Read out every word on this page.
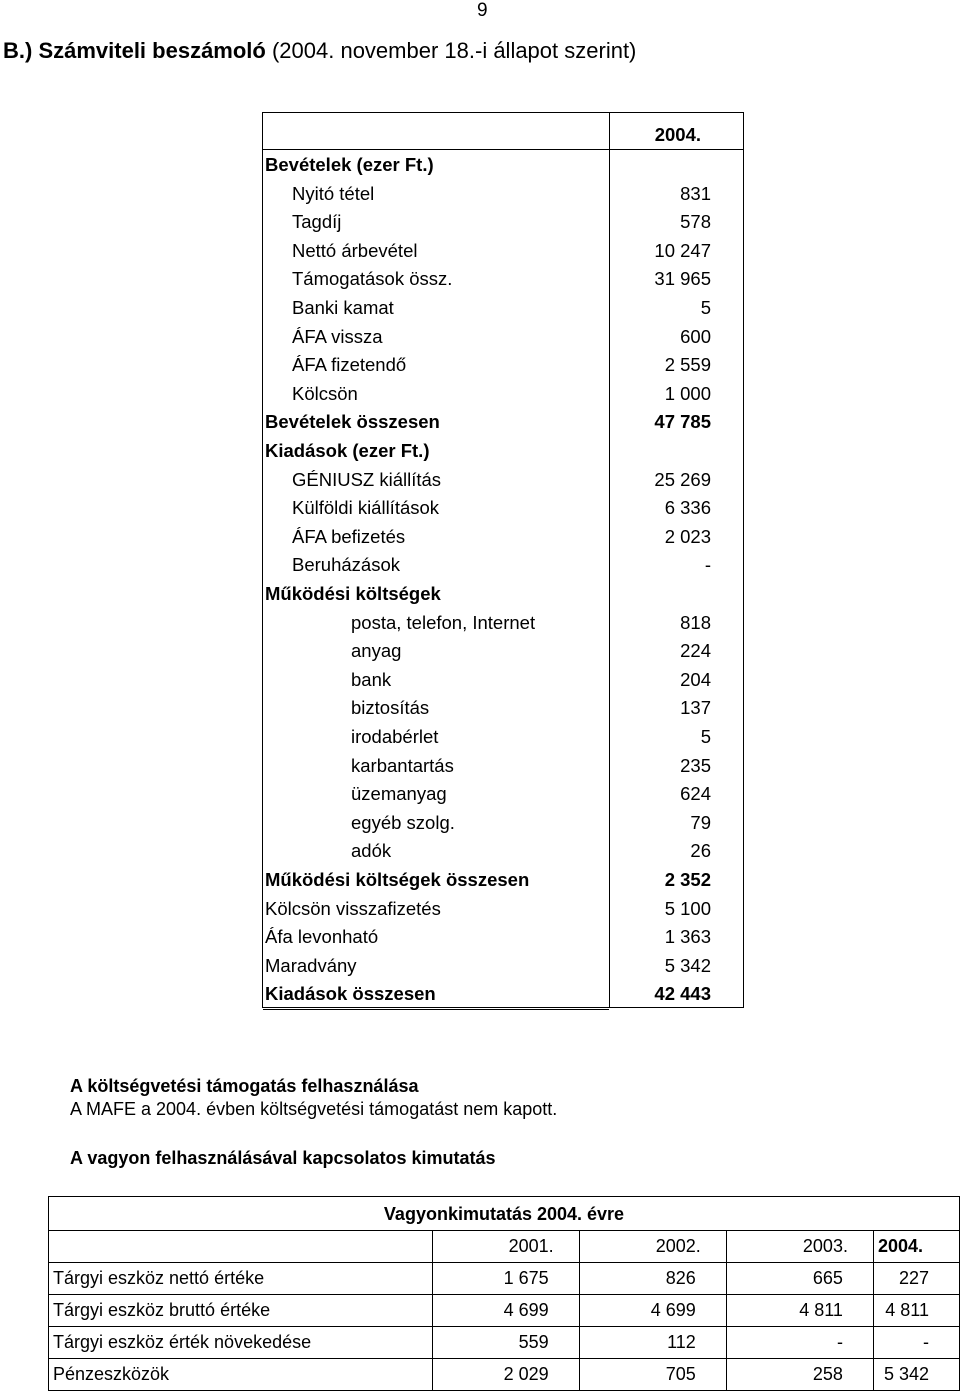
9
B.) Számviteli beszámoló (2004. november 18.-i állapot szerint)
2004.
Bevételek (ezer Ft.)
Nyitó tétel	831
Tagdíj	578
Nettó árbevétel	10 247
Támogatások össz.	31 965
Banki kamat	5
ÁFA vissza	600
ÁFA fizetendő	2 559
Kölcsön	1 000
Bevételek összesen	47 785
Kiadások (ezer Ft.)
GÉNIUSZ kiállítás	25 269
Külföldi kiállítások	6 336
ÁFA befizetés	2 023
Beruházások	-
Működési költségek
posta, telefon, Internet	818
anyag	224
bank	204
biztosítás	137
irodabérlet	5
karbantartás	235
üzemanyag	624
egyéb szolg.	79
adók	26
Működési költségek összesen	2 352
Kölcsön visszafizetés	5 100
Áfa levonható	1 363
Maradvány	5 342
Kiadások összesen	42 443
A költségvetési támogatás felhasználása
A MAFE a 2004. évben költségvetési támogatást nem kapott.
A vagyon felhasználásával kapcsolatos kimutatás
Vagyonkimutatás 2004. évre				
	2001.	2002.	2003.	2004.
Tárgyi eszköz nettó értéke	1 675	826	665	227
Tárgyi eszköz bruttó értéke	4 699	4 699	4 811	4 811
Tárgyi eszköz érték növekedése	559	112	-	-
Pénzeszközök	2 029	705	258	5 342
